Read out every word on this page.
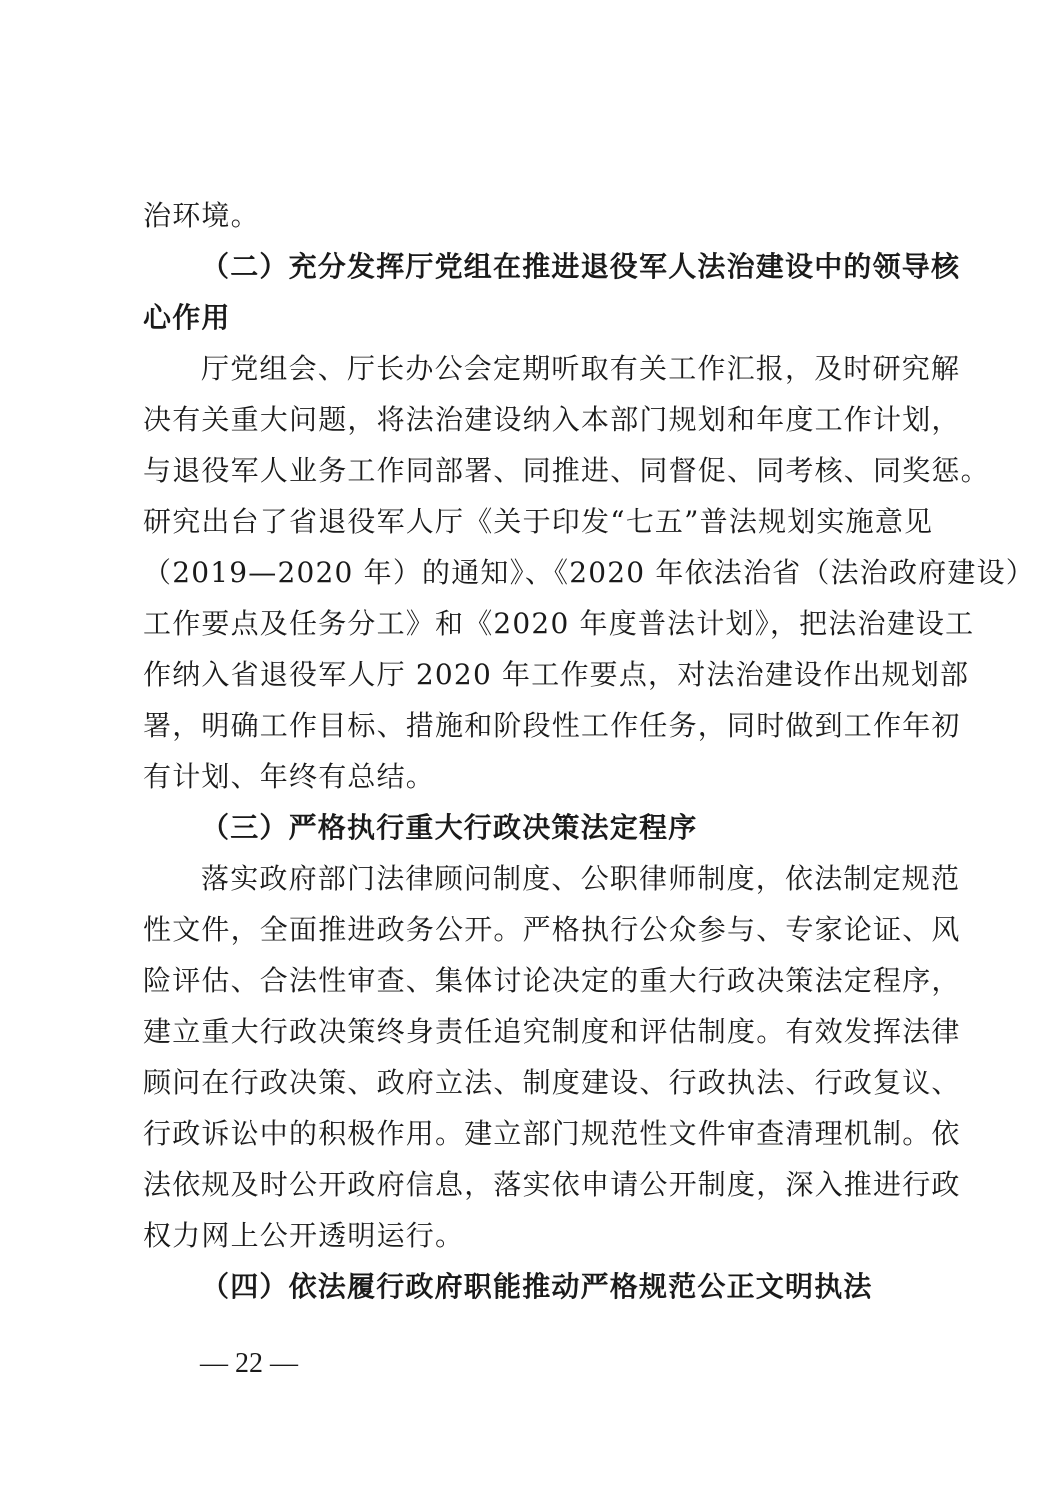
治环境。
（二）充分发挥厅党组在推进退役军人法治建设中的领导核
心作用
厅党组会、厅长办公会定期听取有关工作汇报，及时研究解
决有关重大问题，将法治建设纳入本部门规划和年度工作计划，
与退役军人业务工作同部署、同推进、同督促、同考核、同奖惩。
研究出台了省退役军人厅《关于印发“七五”普法规划实施意见
（2019—2020 年）的通知》、《2020 年依法治省（法治政府建设）
工作要点及任务分工》和《2020 年度普法计划》，把法治建设工
作纳入省退役军人厅 2020 年工作要点，对法治建设作出规划部
署，明确工作目标、措施和阶段性工作任务，同时做到工作年初
有计划、年终有总结。
（三）严格执行重大行政决策法定程序
落实政府部门法律顾问制度、公职律师制度，依法制定规范
性文件，全面推进政务公开。严格执行公众参与、专家论证、风
险评估、合法性审查、集体讨论决定的重大行政决策法定程序，
建立重大行政决策终身责任追究制度和评估制度。有效发挥法律
顾问在行政决策、政府立法、制度建设、行政执法、行政复议、
行政诉讼中的积极作用。建立部门规范性文件审查清理机制。依
法依规及时公开政府信息，落实依申请公开制度，深入推进行政
权力网上公开透明运行。
（四）依法履行政府职能推动严格规范公正文明执法
— 22 —
